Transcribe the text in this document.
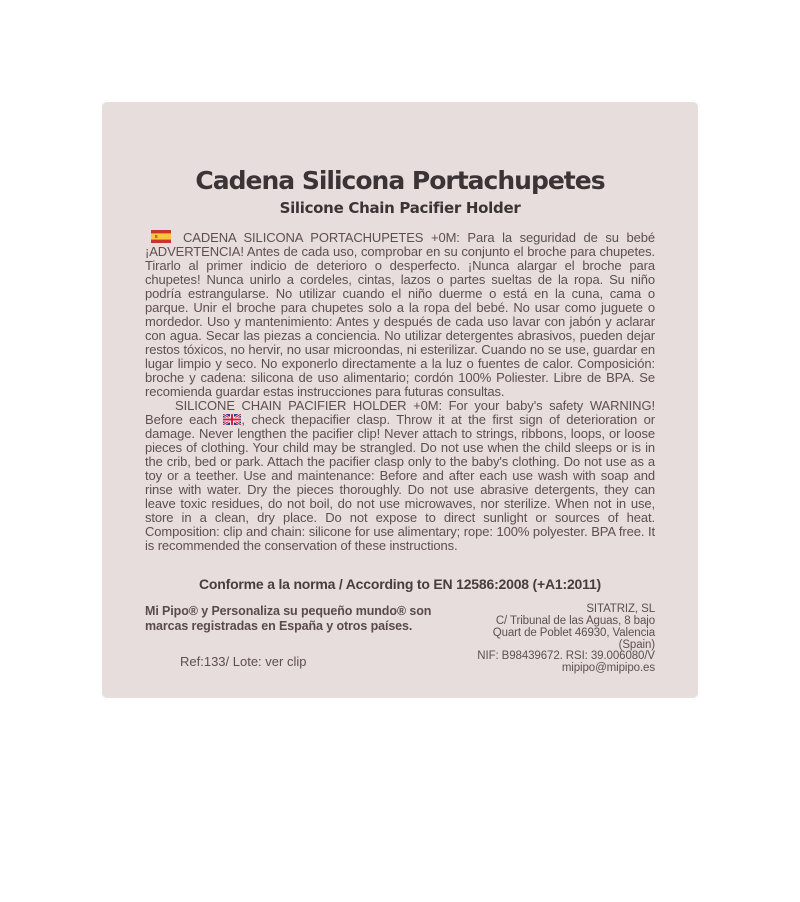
Cadena Silicona Portachupetes
Silicone Chain Pacifier Holder

CADENA SILICONA PORTACHUPETES +0M: Para la seguridad de su bebé ¡ADVERTENCIA! Antes de cada uso, comprobar en su conjunto el broche para chupetes. Tirarlo al primer indicio de deterioro o desperfecto. ¡Nunca alargar el broche para chupetes! Nunca unirlo a cordeles, cintas, lazos o partes sueltas de la ropa. Su niño podría estrangularse. No utilizar cuando el niño duerme o está en la cuna, cama o parque. Unir el broche para chupetes solo a la ropa del bebé. No usar como juguete o mordedor. Uso y mantenimiento: Antes y después de cada uso lavar con jabón y aclarar con agua. Secar las piezas a conciencia. No utilizar detergentes abrasivos, pueden dejar restos tóxicos, no hervir, no usar microondas, ni esterilizar. Cuando no se use, guardar en lugar limpio y seco. No exponerlo directamente a la luz o fuentes de calor. Composición: broche y cadena: silicona de uso alimentario; cordón 100% Poliester. Libre de BPA. Se recomienda guardar estas instrucciones para futuras consultas.

SILICONE CHAIN PACIFIER HOLDER +0M: For your baby's safety WARNING! Before each , check thepacifier clasp. Throw it at the first sign of deterioration or damage. Never lengthen the pacifier clip! Never attach to strings, ribbons, loops, or loose pieces of clothing. Your child may be strangled. Do not use when the child sleeps or is in the crib, bed or park. Attach the pacifier clasp only to the baby's clothing. Do not use as a toy or a teether. Use and maintenance: Before and after each use wash with soap and rinse with water. Dry the pieces thoroughly. Do not use abrasive detergents, they can leave toxic residues, do not boil, do not use microwaves, nor sterilize. When not in use, store in a clean, dry place. Do not expose to direct sunlight or sources of heat. Composition: clip and chain: silicone for use alimentary; rope: 100% polyester. BPA free. It is recommended the conservation of these instructions.

Conforme a la norma / According to EN 12586:2008 (+A1:2011)
Mi Pipo® y Personaliza su pequeño mundo® son marcas registradas en España y otros países.
Ref:133/ Lote: ver clip
SITATRIZ, SL
C/ Tribunal de las Aguas, 8 bajo
Quart de Poblet 46930, Valencia (Spain)
NIF: B98439672. RSI: 39.006080/V
mipipo@mipipo.es
